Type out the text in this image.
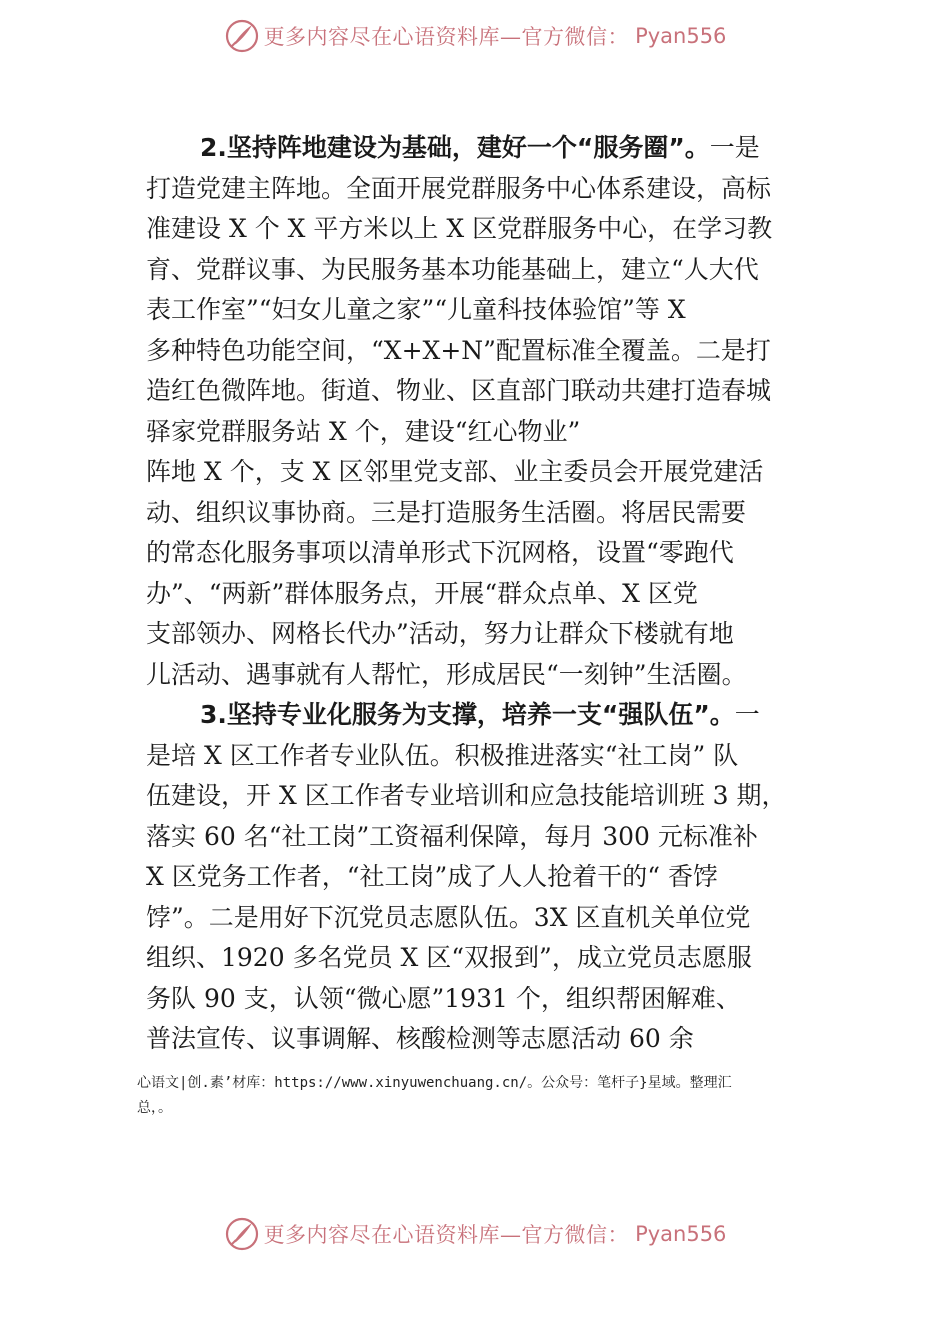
更多内容尽在心语资料库—官方微信： Pyan556
2.坚持阵地建设为基础，建好一个“服务圈”。一是
打造党建主阵地。全面开展党群服务中心体系建设，高标
准建设 X 个 X 平方米以上 X 区党群服务中心，在学习教
育、党群议事、为民服务基本功能基础上，建立“人大代
表工作室”“妇女儿童之家”“儿童科技体验馆”等 X
多种特色功能空间，“X+X+N”配置标准全覆盖。二是打
造红色微阵地。街道、物业、区直部门联动共建打造春城
驿家党群服务站 X 个，建设“红心物业”
阵地 X 个，支 X 区邻里党支部、业主委员会开展党建活
动、组织议事协商。三是打造服务生活圈。将居民需要
的常态化服务事项以清单形式下沉网格，设置“零跑代
办”、“两新”群体服务点，开展“群众点单、X 区党
支部领办、网格长代办”活动，努力让群众下楼就有地
儿活动、遇事就有人帮忙，形成居民“一刻钟”生活圈。
3.坚持专业化服务为支撑，培养一支“强队伍”。一
是培 X 区工作者专业队伍。积极推进落实“社工岗” 队
伍建设，开 X 区工作者专业培训和应急技能培训班 3 期，
落实 60 名“社工岗”工资福利保障，每月 300 元标准补
X 区党务工作者，“社工岗”成了人人抢着干的“ 香饽
饽”。二是用好下沉党员志愿队伍。3X 区直机关单位党
组织、1920 多名党员 X 区“双报到”，成立党员志愿服
务队 90 支，认领“微心愿”1931 个，组织帮困解难、
普法宣传、议事调解、核酸检测等志愿活动 60 余
心语文|创.素’材库：https://www.xinyuwenchuang.cn/。公众号：笔杆子}星域。整理汇
总，。
更多内容尽在心语资料库—官方微信： Pyan556
